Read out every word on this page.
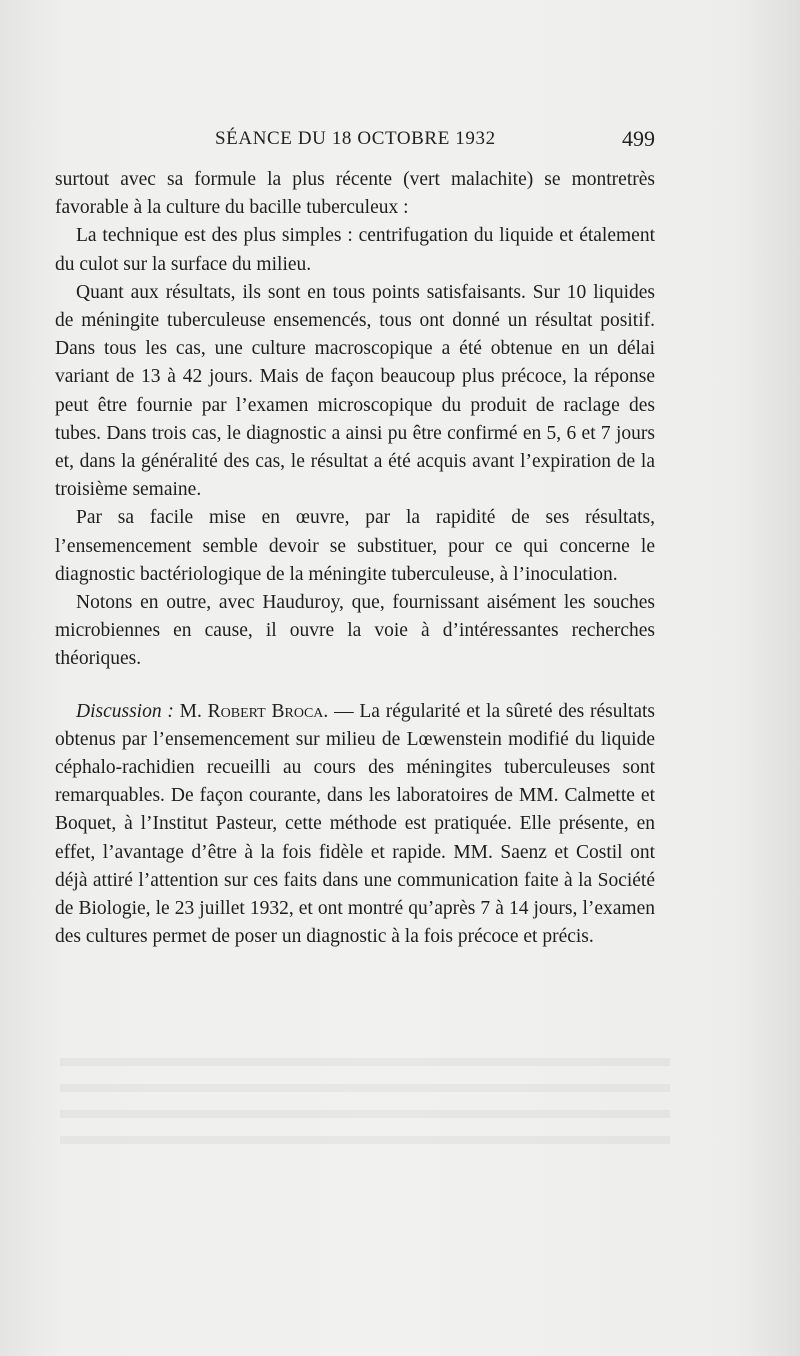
SÉANCE DU 18 OCTOBRE 1932	499

surtout avec sa formule la plus récente (vert malachite) se montretrès favorable à la culture du bacille tuberculeux :

La technique est des plus simples : centrifugation du liquide et étalement du culot sur la surface du milieu.

Quant aux résultats, ils sont en tous points satisfaisants. Sur 10 liquides de méningite tuberculeuse ensemencés, tous ont donné un résultat positif. Dans tous les cas, une culture macroscopique a été obtenue en un délai variant de 13 à 42 jours. Mais de façon beaucoup plus précoce, la réponse peut être fournie par l’examen microscopique du produit de raclage des tubes. Dans trois cas, le diagnostic a ainsi pu être confirmé en 5, 6 et 7 jours et, dans la généralité des cas, le résultat a été acquis avant l’expiration de la troisième semaine.

Par sa facile mise en œuvre, par la rapidité de ses résultats, l’ensemencement semble devoir se substituer, pour ce qui concerne le diagnostic bactériologique de la méningite tuberculeuse, à l’inoculation.

Notons en outre, avec Hauduroy, que, fournissant aisément les souches microbiennes en cause, il ouvre la voie à d’intéressantes recherches théoriques.

Discussion : M. Robert Broca. — La régularité et la sûreté des résultats obtenus par l’ensemencement sur milieu de Lœwenstein modifié du liquide céphalo-rachidien recueilli au cours des méningites tuberculeuses sont remarquables. De façon courante, dans les laboratoires de MM. Calmette et Boquet, à l’Institut Pasteur, cette méthode est pratiquée. Elle présente, en effet, l’avantage d’être à la fois fidèle et rapide. MM. Saenz et Costil ont déjà attiré l’attention sur ces faits dans une communication faite à la Société de Biologie, le 23 juillet 1932, et ont montré qu’après 7 à 14 jours, l’examen des cultures permet de poser un diagnostic à la fois précoce et précis.
